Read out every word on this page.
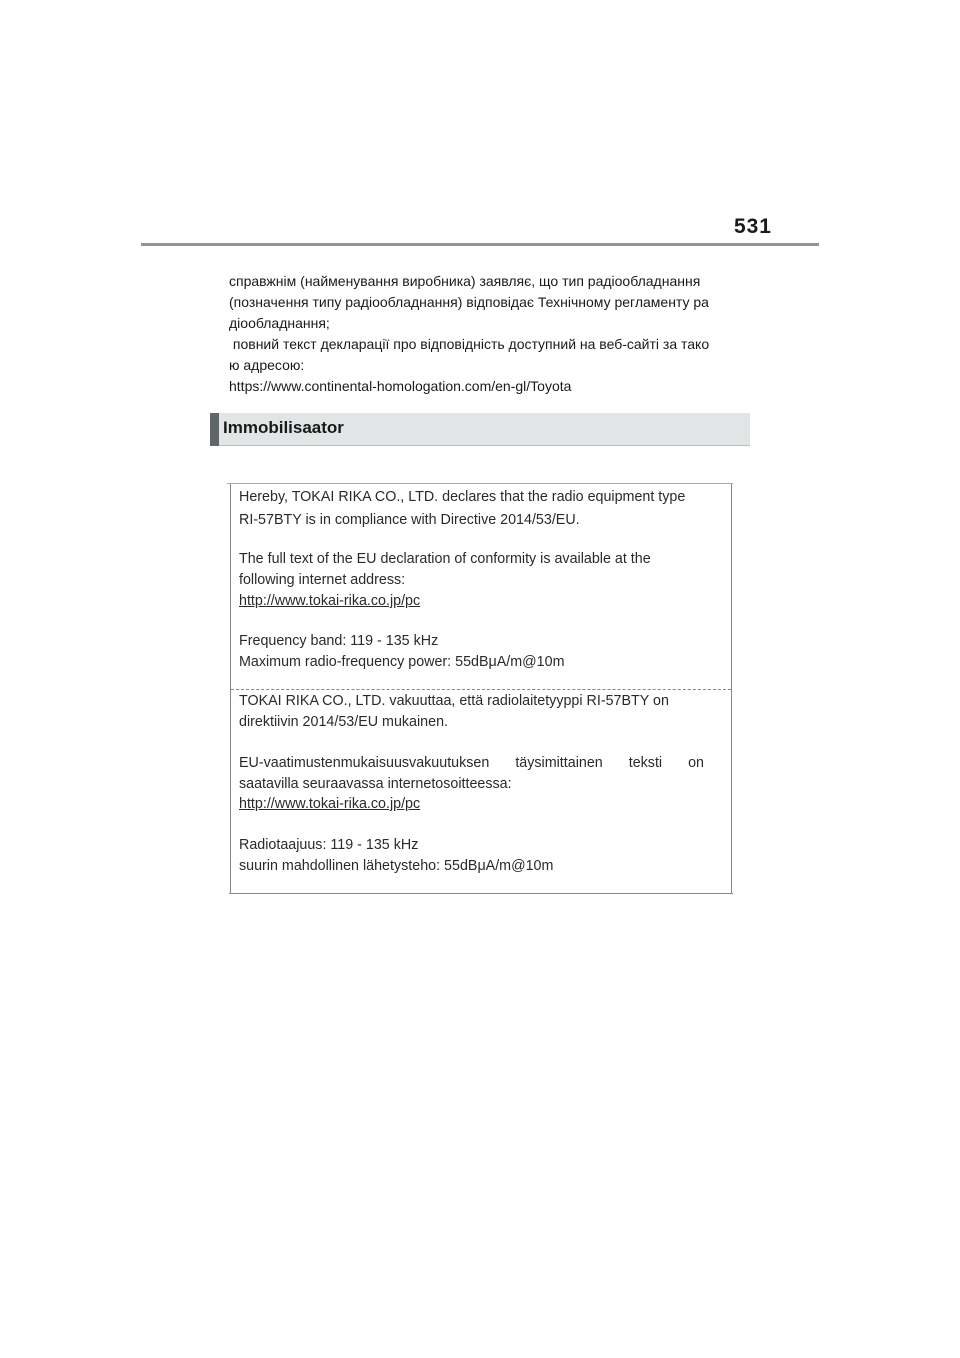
531
справжнім (найменування виробника) заявляє, що тип радіообладнання
(позначення типу радіообладнання) відповідає Технічному регламенту ра
діообладнання;
повний текст декларації про відповідність доступний на веб-сайті за тако
ю адресою:
https://www.continental-homologation.com/en-gl/Toyota
Immobilisaator
Hereby, TOKAI RIKA CO., LTD. declares that the radio equipment type
RI-57BTY is in compliance with Directive 2014/53/EU.
The full text of the EU declaration of conformity is available at the
following internet address:
http://www.tokai-rika.co.jp/pc
Frequency band: 119 - 135 kHz
Maximum radio-frequency power: 55dBμA/m@10m
TOKAI RIKA CO., LTD. vakuuttaa, että radiolaitetyyppi RI-57BTY on
direktiivin 2014/53/EU mukainen.
EU-vaatimustenmukaisuusvakuutuksen täysimittainen teksti on
saatavilla seuraavassa internetosoitteessa:
http://www.tokai-rika.co.jp/pc
Radiotaajuus: 119 - 135 kHz
suurin mahdollinen lähetysteho: 55dBμA/m@10m
